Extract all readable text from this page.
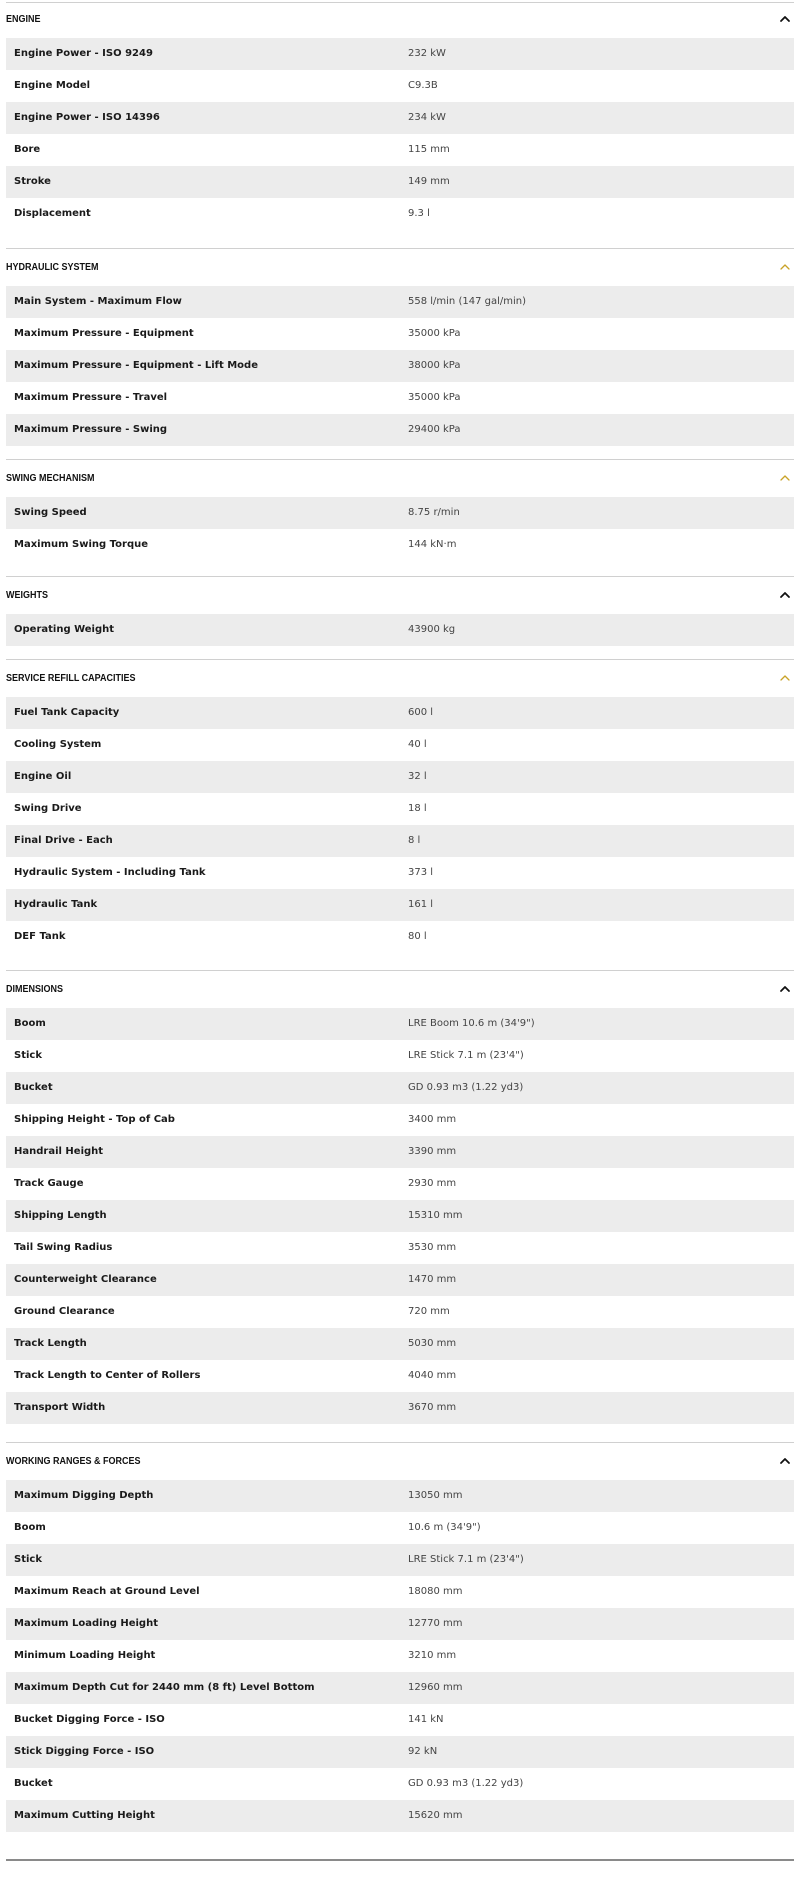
ENGINE
Engine Power - ISO 9249	232 kW
Engine Model	C9.3B
Engine Power - ISO 14396	234 kW
Bore	115 mm
Stroke	149 mm
Displacement	9.3 l
HYDRAULIC SYSTEM
Main System - Maximum Flow	558 l/min (147 gal/min)
Maximum Pressure - Equipment	35000 kPa
Maximum Pressure - Equipment - Lift Mode	38000 kPa
Maximum Pressure - Travel	35000 kPa
Maximum Pressure - Swing	29400 kPa
SWING MECHANISM
Swing Speed	8.75 r/min
Maximum Swing Torque	144 kN·m
WEIGHTS
Operating Weight	43900 kg
SERVICE REFILL CAPACITIES
Fuel Tank Capacity	600 l
Cooling System	40 l
Engine Oil	32 l
Swing Drive	18 l
Final Drive - Each	8 l
Hydraulic System - Including Tank	373 l
Hydraulic Tank	161 l
DEF Tank	80 l
DIMENSIONS
Boom	LRE Boom 10.6 m (34'9")
Stick	LRE Stick 7.1 m (23'4")
Bucket	GD 0.93 m3 (1.22 yd3)
Shipping Height - Top of Cab	3400 mm
Handrail Height	3390 mm
Track Gauge	2930 mm
Shipping Length	15310 mm
Tail Swing Radius	3530 mm
Counterweight Clearance	1470 mm
Ground Clearance	720 mm
Track Length	5030 mm
Track Length to Center of Rollers	4040 mm
Transport Width	3670 mm
WORKING RANGES & FORCES
Maximum Digging Depth	13050 mm
Boom	10.6 m (34'9")
Stick	LRE Stick 7.1 m (23'4")
Maximum Reach at Ground Level	18080 mm
Maximum Loading Height	12770 mm
Minimum Loading Height	3210 mm
Maximum Depth Cut for 2440 mm (8 ft) Level Bottom	12960 mm
Bucket Digging Force - ISO	141 kN
Stick Digging Force - ISO	92 kN
Bucket	GD 0.93 m3 (1.22 yd3)
Maximum Cutting Height	15620 mm
